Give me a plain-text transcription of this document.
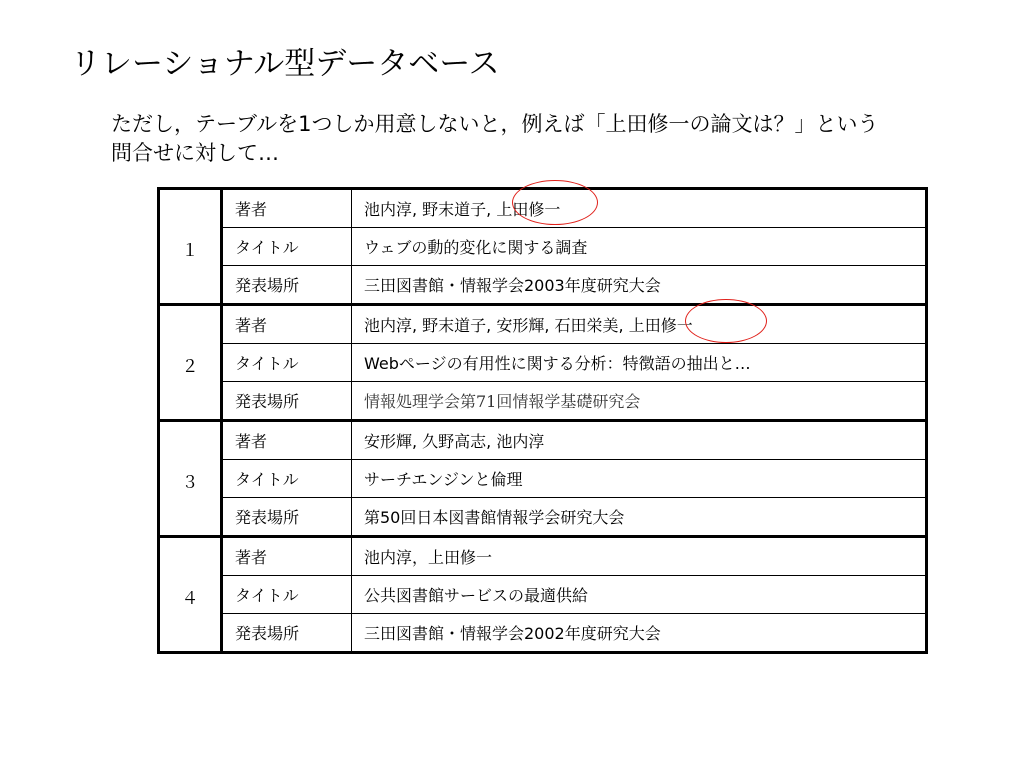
リレーショナル型データベース

ただし，テーブルを1つしか用意しないと，例えば「上田修一の論文は？」という
問合せに対して…

１	著者	池内淳, 野末道子, 上田修一
	タイトル	ウェブの動的変化に関する調査
	発表場所	三田図書館・情報学会2003年度研究大会
２	著者	池内淳, 野末道子, 安形輝, 石田栄美, 上田修一
	タイトル	Webページの有用性に関する分析：特徴語の抽出と…
	発表場所	情報処理学会第71回情報学基礎研究会
３	著者	安形輝, 久野高志, 池内淳
	タイトル	サーチエンジンと倫理
	発表場所	第50回日本図書館情報学会研究大会
４	著者	池内淳，上田修一
	タイトル	公共図書館サービスの最適供給
	発表場所	三田図書館・情報学会2002年度研究大会
